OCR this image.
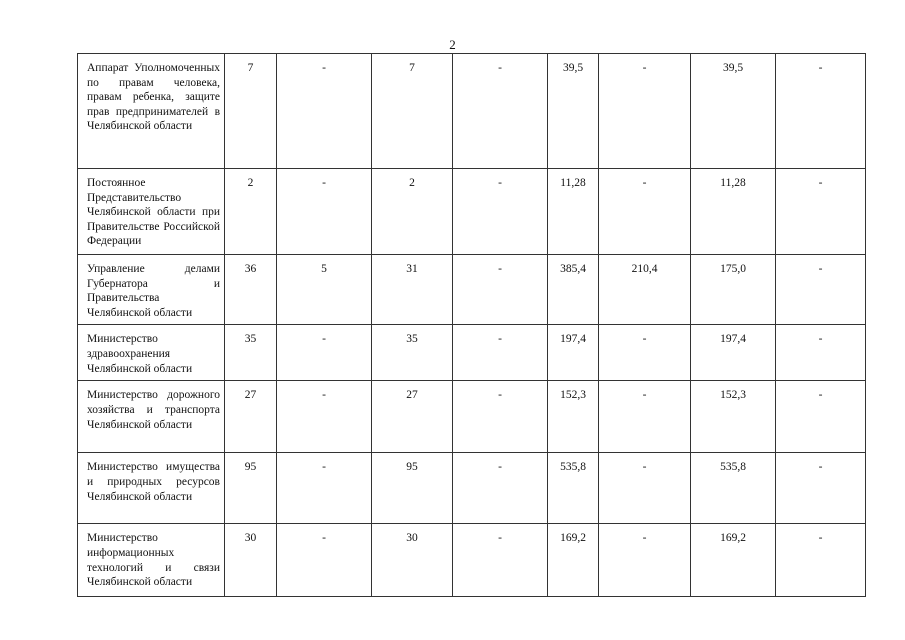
2
Аппарат Уполномоченных по правам человека, правам ребенка, защите прав предпринимателей в Челябинской области	7	-	7	-	39,5	-	39,5	-
Постоянное Представительство Челябинской области при Правительстве Российской Федерации	2	-	2	-	11,28	-	11,28	-
Управление делами Губернатора и Правительства Челябинской области	36	5	31	-	385,4	210,4	175,0	-
Министерство здравоохранения Челябинской области	35	-	35	-	197,4	-	197,4	-
Министерство дорожного хозяйства и транспорта Челябинской области	27	-	27	-	152,3	-	152,3	-
Министерство имущества и природных ресурсов Челябинской области	95	-	95	-	535,8	-	535,8	-
Министерство информационных технологий и связи Челябинской области	30	-	30	-	169,2	-	169,2	-
